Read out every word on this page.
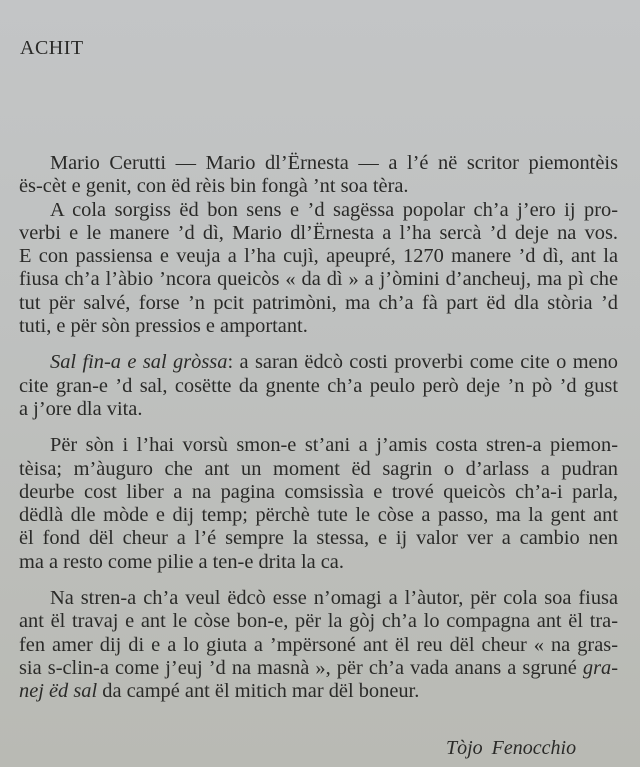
ACHIT

Mario Cerutti — Mario dl’Ërnesta — a l’é në scritor piemontèis
ës-cèt e genit, con ëd rèis bin fongà ’nt soa tèra.

A cola sorgiss ëd bon sens e ’d sagëssa popolar ch’a j’ero ij pro-
verbi e le manere ’d dì, Mario dl’Ërnesta a l’ha sercà ’d deje na vos.
E con passiensa e veuja a l’ha cujì, apeupré, 1270 manere ’d dì, ant la
fiusa ch’a l’àbio ’ncora queicòs « da dì » a j’òmini d’ancheuj, ma pì che
tut për salvé, forse ’n pcit patrimòni, ma ch’a fà part ëd dla stòria ’d
tuti, e për sòn pressios e amportant.

Sal fin-a e sal gròssa: a saran ëdcò costi proverbi come cite o meno
cite gran-e ’d sal, cosëtte da gnente ch’a peulo però deje ’n pò ’d gust
a j’ore dla vita.

Për sòn i l’hai vorsù smon-e st’ani a j’amis costa stren-a piemon-
tèisa; m’àuguro che ant un moment ëd sagrin o d’arlass a pudran
deurbe cost liber a na pagina comsissìa e trové queicòs ch’a-i parla,
dëdlà dle mòde e dij temp; përchè tute le còse a passo, ma la gent ant
ël fond dël cheur a l’é sempre la stessa, e ij valor ver a cambio nen
ma a resto come pilie a ten-e drita la ca.

Na stren-a ch’a veul ëdcò esse n’omagi a l’àutor, për cola soa fiusa
ant ël travaj e ant le còse bon-e, për la gòj ch’a lo compagna ant ël tra-
fen amer dij di e a lo giuta a ’mpërsoné ant ël reu dël cheur « na gras-
sia s-clin-a come j’euj ’d na masnà », për ch’a vada anans a sgruné gra-
nej ëd sal da campé ant ël mitich mar dël boneur.

Tòjo Fenocchio
